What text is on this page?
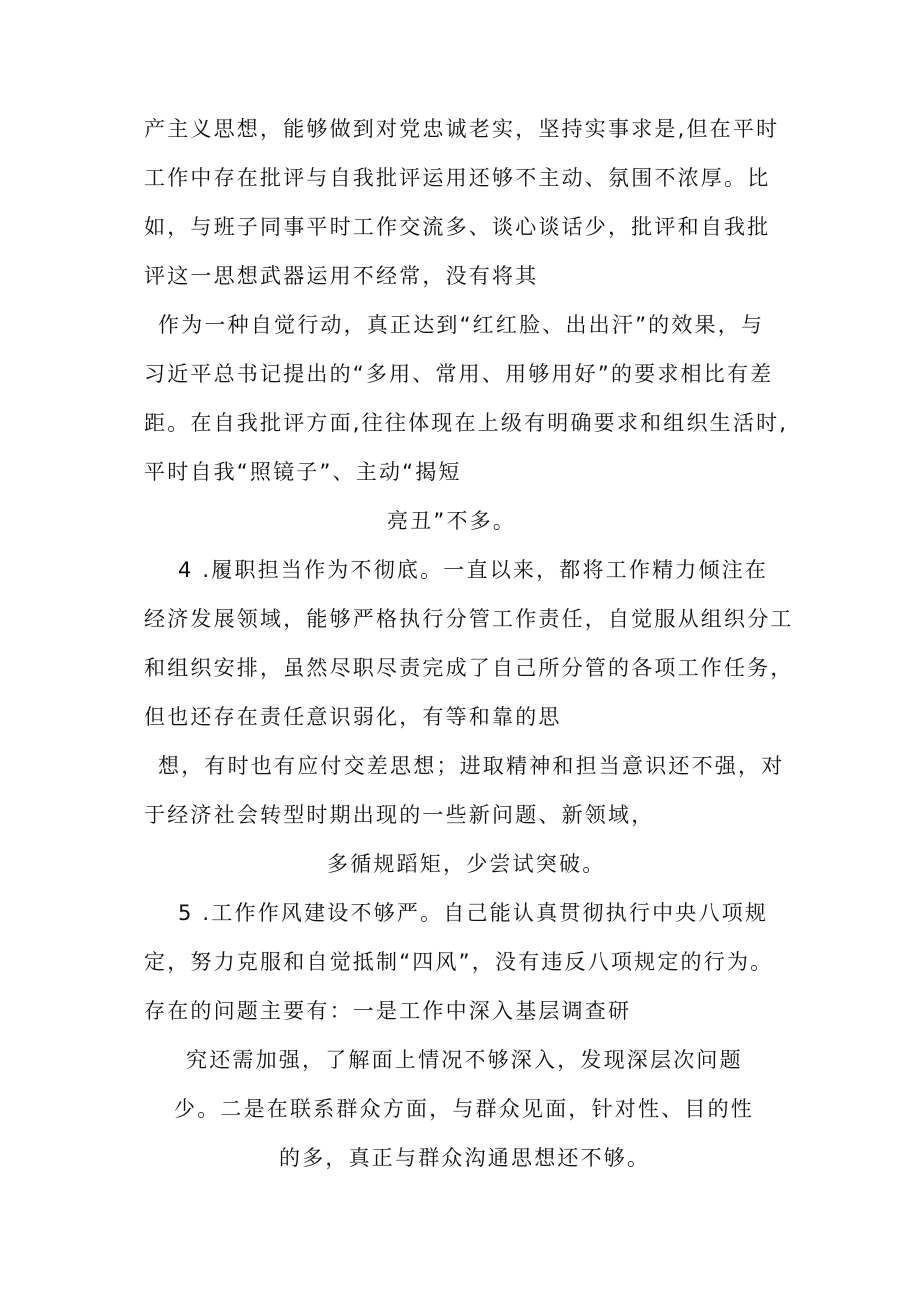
产主义思想，能够做到对党忠诚老实，坚持实事求是,但在平时

工作中存在批评与自我批评运用还够不主动、氛围不浓厚。比

如，与班子同事平时工作交流多、谈心谈话少，批评和自我批

评这一思想武器运用不经常，没有将其

作为一种自觉行动，真正达到“红红脸、出出汗”的效果，与

习近平总书记提出的“多用、常用、用够用好”的要求相比有差

距。在自我批评方面,往往体现在上级有明确要求和组织生活时,

平时自我“照镜子”、主动“揭短

亮丑”不多。

4 .履职担当作为不彻底。一直以来，都将工作精力倾注在

经济发展领域，能够严格执行分管工作责任，自觉服从组织分工

和组织安排，虽然尽职尽责完成了自己所分管的各项工作任务，

但也还存在责任意识弱化，有等和靠的思

想，有时也有应付交差思想；进取精神和担当意识还不强，对

于经济社会转型时期出现的一些新问题、新领域，

多循规蹈矩，少尝试突破。

5 .工作作风建设不够严。自己能认真贯彻执行中央八项规

定，努力克服和自觉抵制“四风”，没有违反八项规定的行为。

存在的问题主要有：一是工作中深入基层调查研

究还需加强，了解面上情况不够深入，发现深层次问题

少。二是在联系群众方面，与群众见面，针对性、目的性

的多，真正与群众沟通思想还不够。
